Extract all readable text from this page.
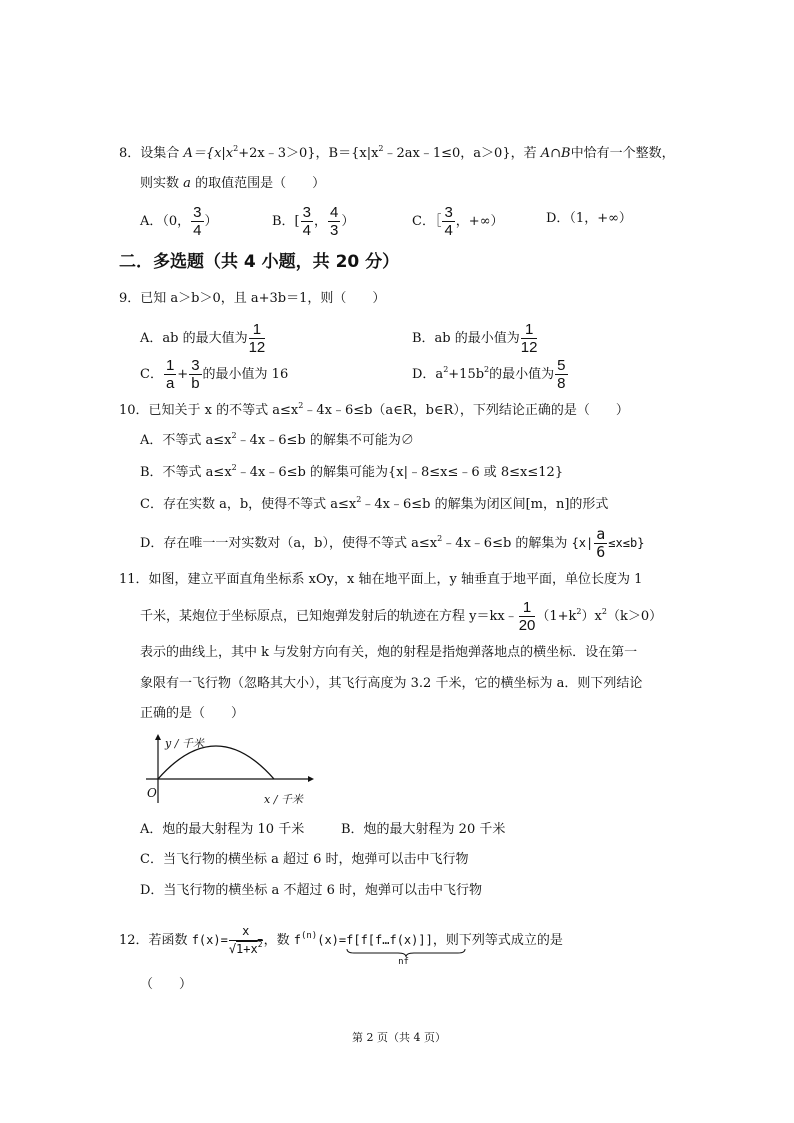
8．设集合 $A=\{x|x^2+2x﹣3>0\}$，$B=\{x|x^2﹣2ax﹣1\le 0$，a＞0}，若 A∩B中恰有一个整数，
则实数 a 的取值范围是（　　）
A．（0， $\frac{3}{4}$ ）	B．[ $\frac{3}{4}$ ， $\frac{4}{3}$ ）	C．［ $\frac{3}{4}$ ，+∞）	D．（1，+∞）
二．多选题（共 4 小题，共 20 分）
9．已知 a＞b＞0，且 a+3b＝1，则（　　）
A．ab 的最大值为 $\frac{1}{12}$	B．ab 的最小值为 $\frac{1}{12}$
C． $\frac{1}{a} + \frac{3}{b}$ 的最小值为 16	D．$a^2+15b^2$的最小值为 $\frac{5}{8}$
10．已知关于 x 的不等式 $a\le x^2﹣4x﹣6\le b(a\in R$，b∈R），下列结论正确的是（　　）
A．不等式 $a\le x^2﹣4x﹣6\le b$ 的解集不可能为∅
B．不等式 $a\le x^2﹣4x﹣6\le b$ 的解集可能为{x|﹣8≤x≤﹣6 或 8≤x≤12}
C．存在实数 a，b，使得不等式 $a\le x^2﹣4x﹣6\le b$ 的解集为闭区间[m，n]的形式
D．存在唯一一对实数对（a，b），使得不等式 $a\le x^2﹣4x﹣6\le b$ 的解集为 $\{x| \frac{a}{6} \le x\le b\}$
11．如图，建立平面直角坐标系 xOy，x 轴在地平面上，y 轴垂直于地平面，单位长度为 1
千米，某炮位于坐标原点，已知炮弹发射后的轨迹在方程 y＝kx﹣ $\frac{1}{20} (1+k^2)x^2(k>0)$
表示的曲线上，其中 k 与发射方向有关，炮的射程是指炮弹落地点的横坐标．设在第一
象限有一飞行物（忽略其大小），其飞行高度为 3.2 千米，它的横坐标为 a．则下列结论
正确的是（　　）
y / 千米
x / 千米
O
A．炮的最大射程为 10 千米	B．炮的最大射程为 20 千米
C．当飞行物的横坐标 a 超过 6 时，炮弹可以击中飞行物
D．当飞行物的横坐标 a 不超过 6 时，炮弹可以击中飞行物
12．若函数 $f(x)= \frac{x}{√1+x^2}$ ，数 $f^{(n)}(x)=f[f[f\dots f(x)]]$
nf
，则下列等式成立的是
（　　）
第 2 页（共 4 页）
